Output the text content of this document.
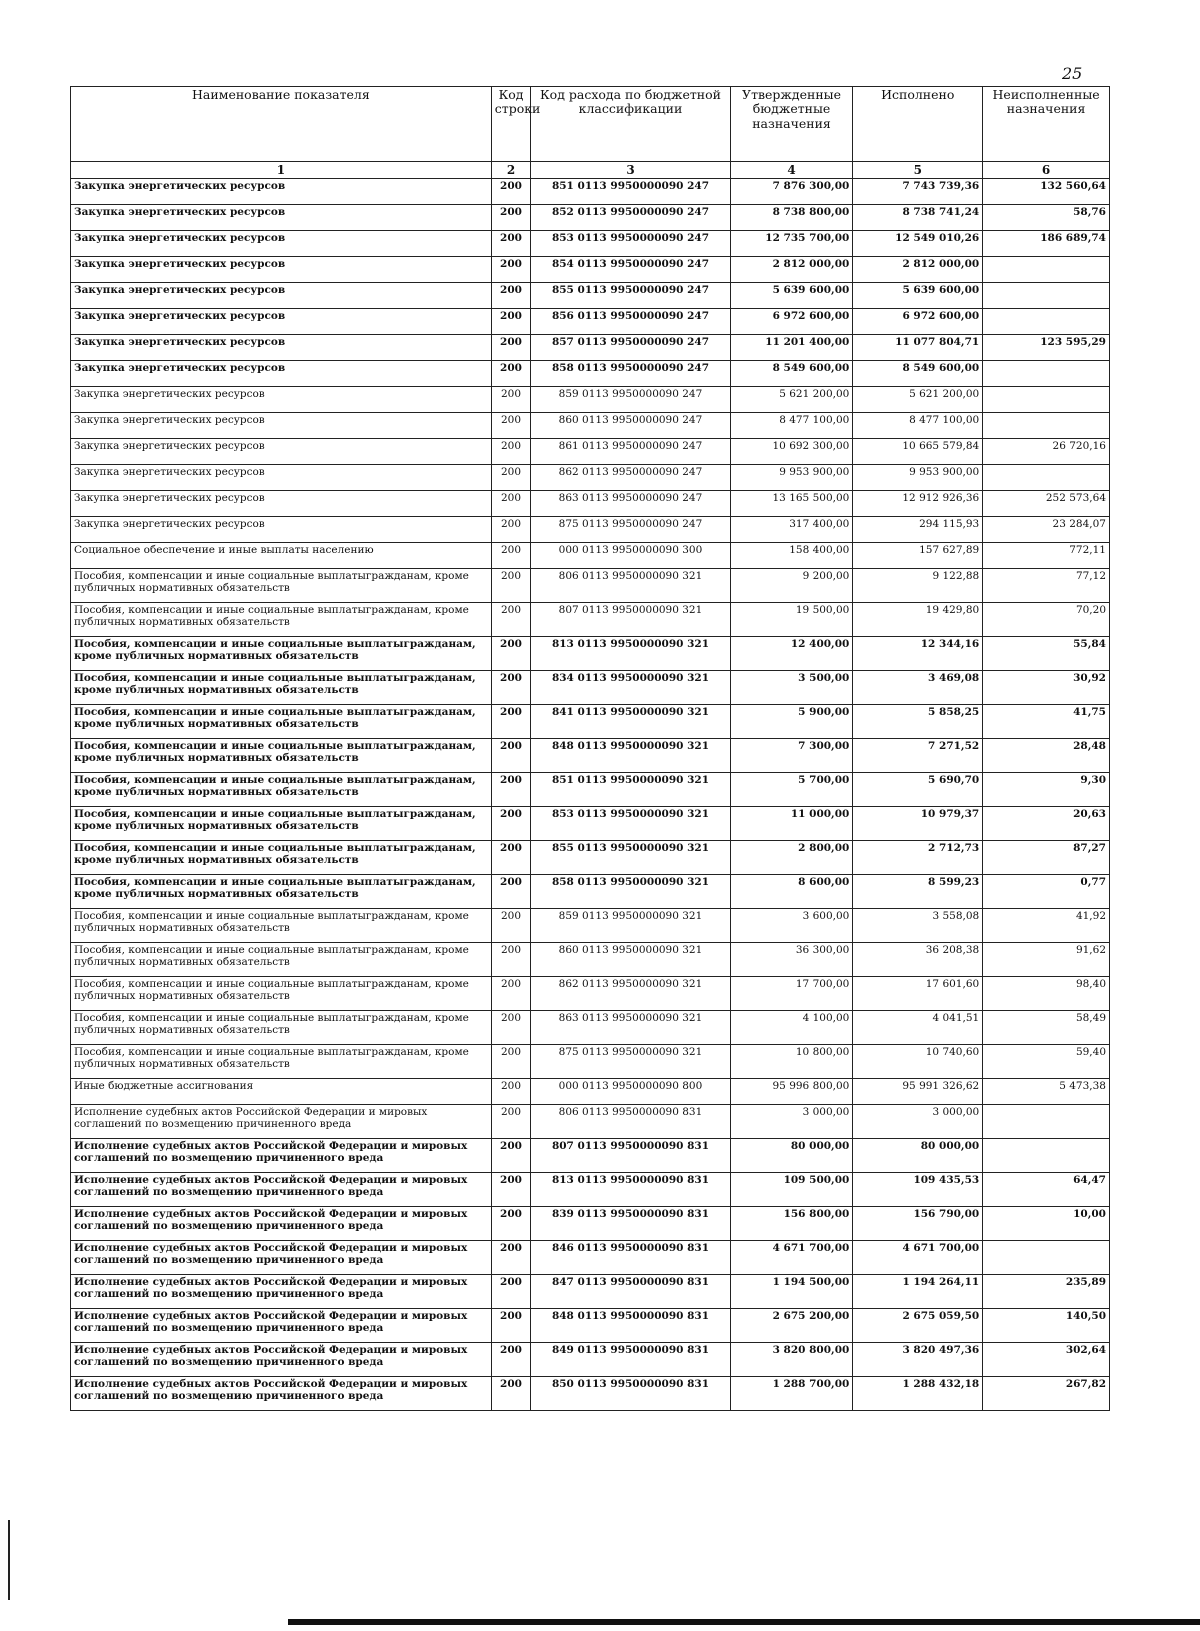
25
Наименование показателя	Код строки	Код расхода по бюджетной классификации	Утвержденные бюджетные назначения	Исполнено	Неисполненные назначения
1	2	3	4	5	6
Закупка энергетических ресурсов	200	851 0113 9950000090 247	7 876 300,00	7 743 739,36	132 560,64
Закупка энергетических ресурсов	200	852 0113 9950000090 247	8 738 800,00	8 738 741,24	58,76
Закупка энергетических ресурсов	200	853 0113 9950000090 247	12 735 700,00	12 549 010,26	186 689,74
Закупка энергетических ресурсов	200	854 0113 9950000090 247	2 812 000,00	2 812 000,00	
Закупка энергетических ресурсов	200	855 0113 9950000090 247	5 639 600,00	5 639 600,00	
Закупка энергетических ресурсов	200	856 0113 9950000090 247	6 972 600,00	6 972 600,00	
Закупка энергетических ресурсов	200	857 0113 9950000090 247	11 201 400,00	11 077 804,71	123 595,29
Закупка энергетических ресурсов	200	858 0113 9950000090 247	8 549 600,00	8 549 600,00	
Закупка энергетических ресурсов	200	859 0113 9950000090 247	5 621 200,00	5 621 200,00	
Закупка энергетических ресурсов	200	860 0113 9950000090 247	8 477 100,00	8 477 100,00	
Закупка энергетических ресурсов	200	861 0113 9950000090 247	10 692 300,00	10 665 579,84	26 720,16
Закупка энергетических ресурсов	200	862 0113 9950000090 247	9 953 900,00	9 953 900,00	
Закупка энергетических ресурсов	200	863 0113 9950000090 247	13 165 500,00	12 912 926,36	252 573,64
Закупка энергетических ресурсов	200	875 0113 9950000090 247	317 400,00	294 115,93	23 284,07
Социальное обеспечение и иные выплаты населению	200	000 0113 9950000090 300	158 400,00	157 627,89	772,11
Пособия, компенсации и иные социальные выплатыгражданам, кроме публичных нормативных обязательств	200	806 0113 9950000090 321	9 200,00	9 122,88	77,12
Пособия, компенсации и иные социальные выплатыгражданам, кроме публичных нормативных обязательств	200	807 0113 9950000090 321	19 500,00	19 429,80	70,20
Пособия, компенсации и иные социальные выплатыгражданам, кроме публичных нормативных обязательств	200	813 0113 9950000090 321	12 400,00	12 344,16	55,84
Пособия, компенсации и иные социальные выплатыгражданам, кроме публичных нормативных обязательств	200	834 0113 9950000090 321	3 500,00	3 469,08	30,92
Пособия, компенсации и иные социальные выплатыгражданам, кроме публичных нормативных обязательств	200	841 0113 9950000090 321	5 900,00	5 858,25	41,75
Пособия, компенсации и иные социальные выплатыгражданам, кроме публичных нормативных обязательств	200	848 0113 9950000090 321	7 300,00	7 271,52	28,48
Пособия, компенсации и иные социальные выплатыгражданам, кроме публичных нормативных обязательств	200	851 0113 9950000090 321	5 700,00	5 690,70	9,30
Пособия, компенсации и иные социальные выплатыгражданам, кроме публичных нормативных обязательств	200	853 0113 9950000090 321	11 000,00	10 979,37	20,63
Пособия, компенсации и иные социальные выплатыгражданам, кроме публичных нормативных обязательств	200	855 0113 9950000090 321	2 800,00	2 712,73	87,27
Пособия, компенсации и иные социальные выплатыгражданам, кроме публичных нормативных обязательств	200	858 0113 9950000090 321	8 600,00	8 599,23	0,77
Пособия, компенсации и иные социальные выплатыгражданам, кроме публичных нормативных обязательств	200	859 0113 9950000090 321	3 600,00	3 558,08	41,92
Пособия, компенсации и иные социальные выплатыгражданам, кроме публичных нормативных обязательств	200	860 0113 9950000090 321	36 300,00	36 208,38	91,62
Пособия, компенсации и иные социальные выплатыгражданам, кроме публичных нормативных обязательств	200	862 0113 9950000090 321	17 700,00	17 601,60	98,40
Пособия, компенсации и иные социальные выплатыгражданам, кроме публичных нормативных обязательств	200	863 0113 9950000090 321	4 100,00	4 041,51	58,49
Пособия, компенсации и иные социальные выплатыгражданам, кроме публичных нормативных обязательств	200	875 0113 9950000090 321	10 800,00	10 740,60	59,40
Иные бюджетные ассигнования	200	000 0113 9950000090 800	95 996 800,00	95 991 326,62	5 473,38
Исполнение судебных актов Российской Федерации и мировых соглашений по возмещению причиненного вреда	200	806 0113 9950000090 831	3 000,00	3 000,00	
Исполнение судебных актов Российской Федерации и мировых соглашений по возмещению причиненного вреда	200	807 0113 9950000090 831	80 000,00	80 000,00	
Исполнение судебных актов Российской Федерации и мировых соглашений по возмещению причиненного вреда	200	813 0113 9950000090 831	109 500,00	109 435,53	64,47
Исполнение судебных актов Российской Федерации и мировых соглашений по возмещению причиненного вреда	200	839 0113 9950000090 831	156 800,00	156 790,00	10,00
Исполнение судебных актов Российской Федерации и мировых соглашений по возмещению причиненного вреда	200	846 0113 9950000090 831	4 671 700,00	4 671 700,00	
Исполнение судебных актов Российской Федерации и мировых соглашений по возмещению причиненного вреда	200	847 0113 9950000090 831	1 194 500,00	1 194 264,11	235,89
Исполнение судебных актов Российской Федерации и мировых соглашений по возмещению причиненного вреда	200	848 0113 9950000090 831	2 675 200,00	2 675 059,50	140,50
Исполнение судебных актов Российской Федерации и мировых соглашений по возмещению причиненного вреда	200	849 0113 9950000090 831	3 820 800,00	3 820 497,36	302,64
Исполнение судебных актов Российской Федерации и мировых соглашений по возмещению причиненного вреда	200	850 0113 9950000090 831	1 288 700,00	1 288 432,18	267,82
